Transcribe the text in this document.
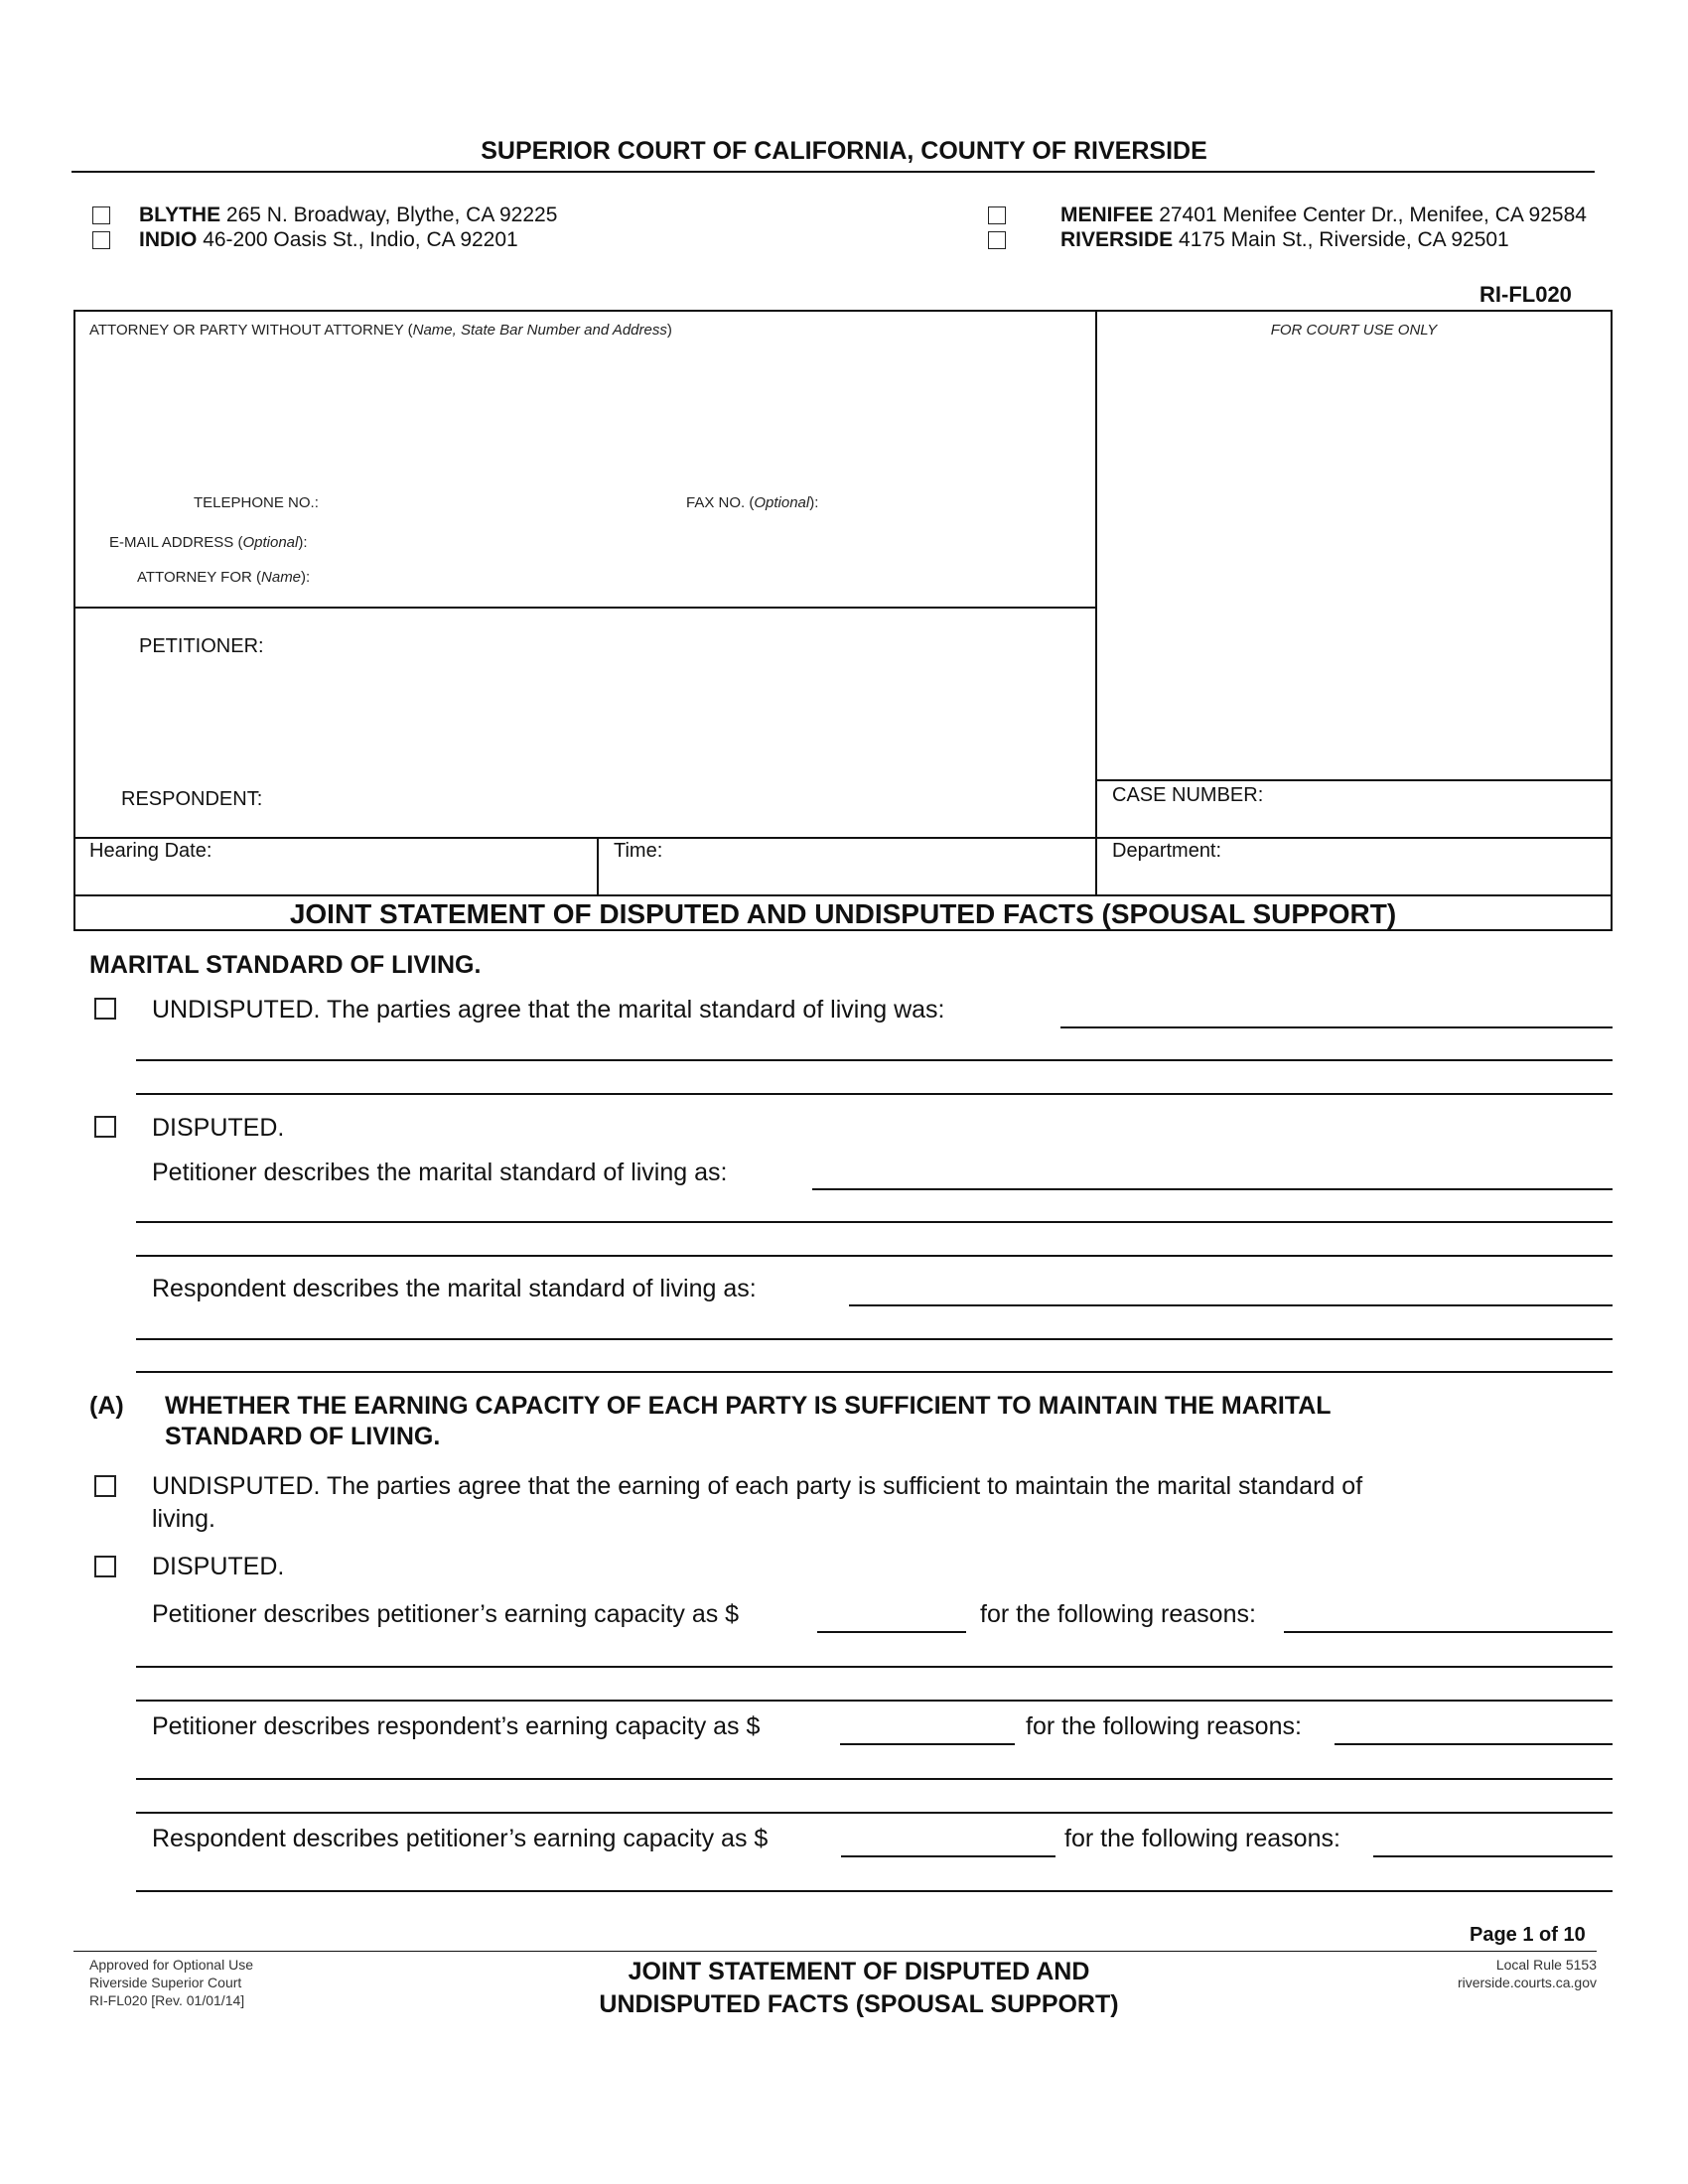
SUPERIOR COURT OF CALIFORNIA, COUNTY OF RIVERSIDE
BLYTHE 265 N. Broadway, Blythe, CA 92225
INDIO 46-200 Oasis St., Indio, CA 92201
MENIFEE 27401 Menifee Center Dr., Menifee, CA 92584
RIVERSIDE 4175 Main St., Riverside, CA 92501
RI-FL020
ATTORNEY OR PARTY WITHOUT ATTORNEY (Name, State Bar Number and Address)	FOR COURT USE ONLY
TELEPHONE NO.:	FAX NO. (Optional):
E-MAIL ADDRESS (Optional):
ATTORNEY FOR (Name):
PETITIONER:
RESPONDENT:	CASE NUMBER:
Hearing Date:	Time:	Department:
JOINT STATEMENT OF DISPUTED AND UNDISPUTED FACTS (SPOUSAL SUPPORT)
MARITAL STANDARD OF LIVING.
UNDISPUTED. The parties agree that the marital standard of living was:
DISPUTED.
Petitioner describes the marital standard of living as:
Respondent describes the marital standard of living as:
(A) WHETHER THE EARNING CAPACITY OF EACH PARTY IS SUFFICIENT TO MAINTAIN THE MARITAL
STANDARD OF LIVING.
UNDISPUTED. The parties agree that the earning of each party is sufficient to maintain the marital standard of
living.
DISPUTED.
Petitioner describes petitioner’s earning capacity as $	for the following reasons:
Petitioner describes respondent’s earning capacity as $	for the following reasons:
Respondent describes petitioner’s earning capacity as $	for the following reasons:
Page 1 of 10
Approved for Optional Use
Riverside Superior Court
RI-FL020 [Rev. 01/01/14]
JOINT STATEMENT OF DISPUTED AND
UNDISPUTED FACTS (SPOUSAL SUPPORT)
Local Rule 5153
riverside.courts.ca.gov
